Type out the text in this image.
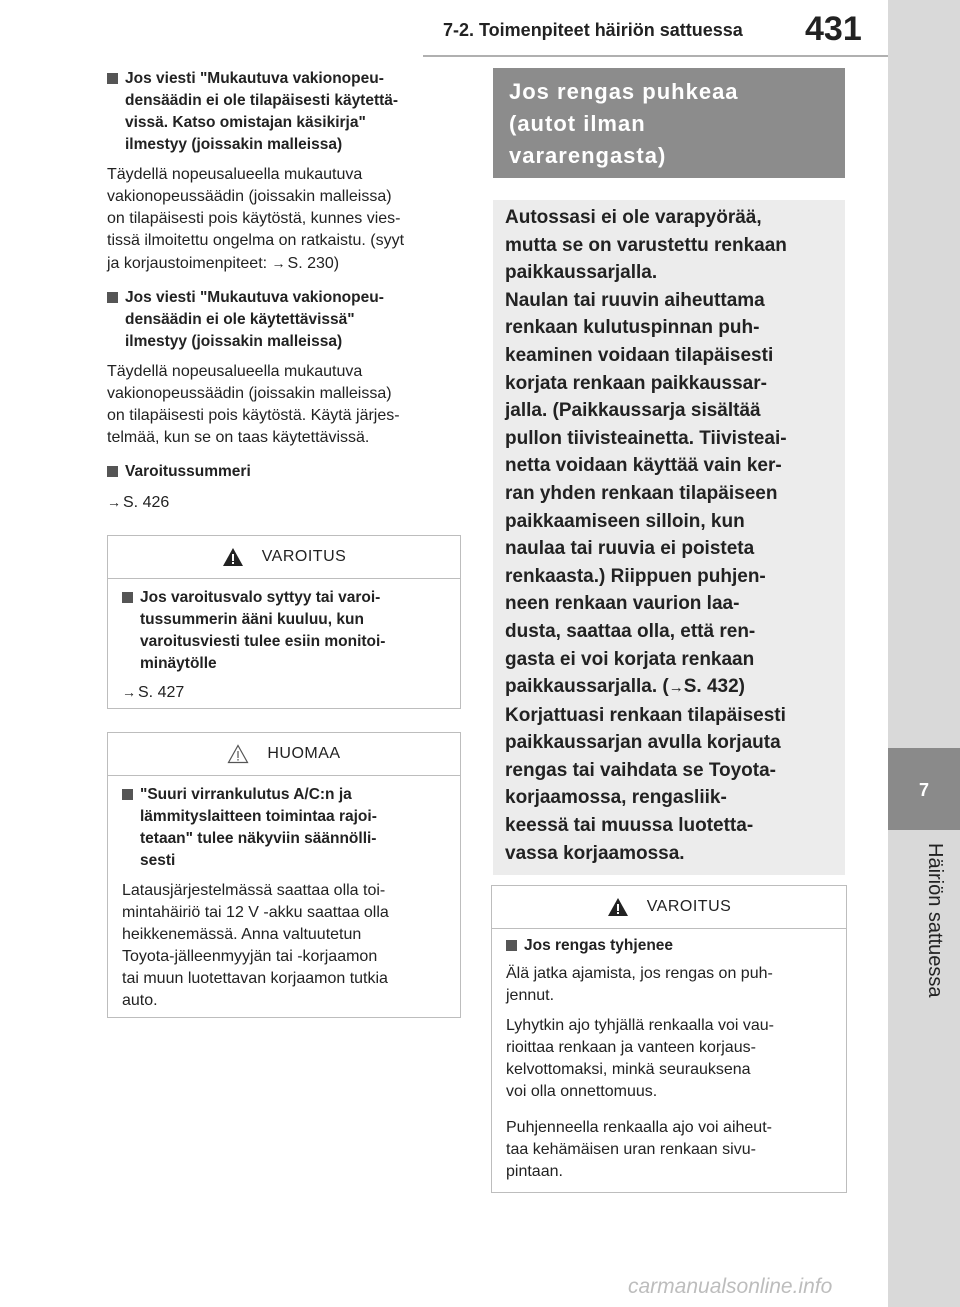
7-2. Toimenpiteet häiriön sattuessa 431
7
Häiriön sattuessa
Jos viesti "Mukautuva vakionopeu-
densäädin ei ole tilapäisesti käytettä-
vissä. Katso omistajan käsikirja"
ilmestyy (joissakin malleissa)
Täydellä nopeusalueella mukautuva
vakionopeussäädin (joissakin malleissa)
on tilapäisesti pois käytöstä, kunnes vies-
tissä ilmoitettu ongelma on ratkaistu. (syyt
ja korjaustoimenpiteet: → S. 230)
Jos viesti "Mukautuva vakionopeu-
densäädin ei ole käytettävissä"
ilmestyy (joissakin malleissa)
Täydellä nopeusalueella mukautuva
vakionopeussäädin (joissakin malleissa)
on tilapäisesti pois käytöstä. Käytä järjes-
telmää, kun se on taas käytettävissä.
Varoitussummeri
→ S. 426
VAROITUS
Jos varoitusvalo syttyy tai varoi-
tussummerin ääni kuuluu, kun
varoitusviesti tulee esiin monitoi-
minäytölle
→ S. 427
HUOMAA
"Suuri virrankulutus A/C:n ja
lämmityslaitteen toimintaa rajoi-
tetaan" tulee näkyviin säännölli-
sesti
Latausjärjestelmässä saattaa olla toi-
mintahäiriö tai 12 V -akku saattaa olla
heikkenemässä. Anna valtuutetun
Toyota-jälleenmyyjän tai -korjaamon
tai muun luotettavan korjaamon tutkia
auto.
Jos rengas puhkeaa
(autot ilman
vararengasta)
Autossasi ei ole varapyörää,
mutta se on varustettu renkaan
paikkaussarjalla.
Naulan tai ruuvin aiheuttama
renkaan kulutuspinnan puh-
keaminen voidaan tilapäisesti
korjata renkaan paikkaussar-
jalla. (Paikkaussarja sisältää
pullon tiivisteainetta. Tiivisteai-
netta voidaan käyttää vain ker-
ran yhden renkaan tilapäiseen
paikkaamiseen silloin, kun
naulaa tai ruuvia ei poisteta
renkaasta.) Riippuen puhjen-
neen renkaan vaurion laa-
dusta, saattaa olla, että ren-
gasta ei voi korjata renkaan
paikkaussarjalla. (→S. 432)
Korjattuasi renkaan tilapäisesti
paikkaussarjan avulla korjauta
rengas tai vaihdata se Toyota-
korjaamossa, rengasliik-
keessä tai muussa luotetta-
vassa korjaamossa.
VAROITUS
Jos rengas tyhjenee
Älä jatka ajamista, jos rengas on puh-
jennut.
Lyhytkin ajo tyhjällä renkaalla voi vau-
rioittaa renkaan ja vanteen korjaus-
kelvottomaksi, minkä seurauksena
voi olla onnettomuus.
Puhjenneella renkaalla ajo voi aiheut-
taa kehämäisen uran renkaan sivu-
pintaan.
carmanualsonline.info
